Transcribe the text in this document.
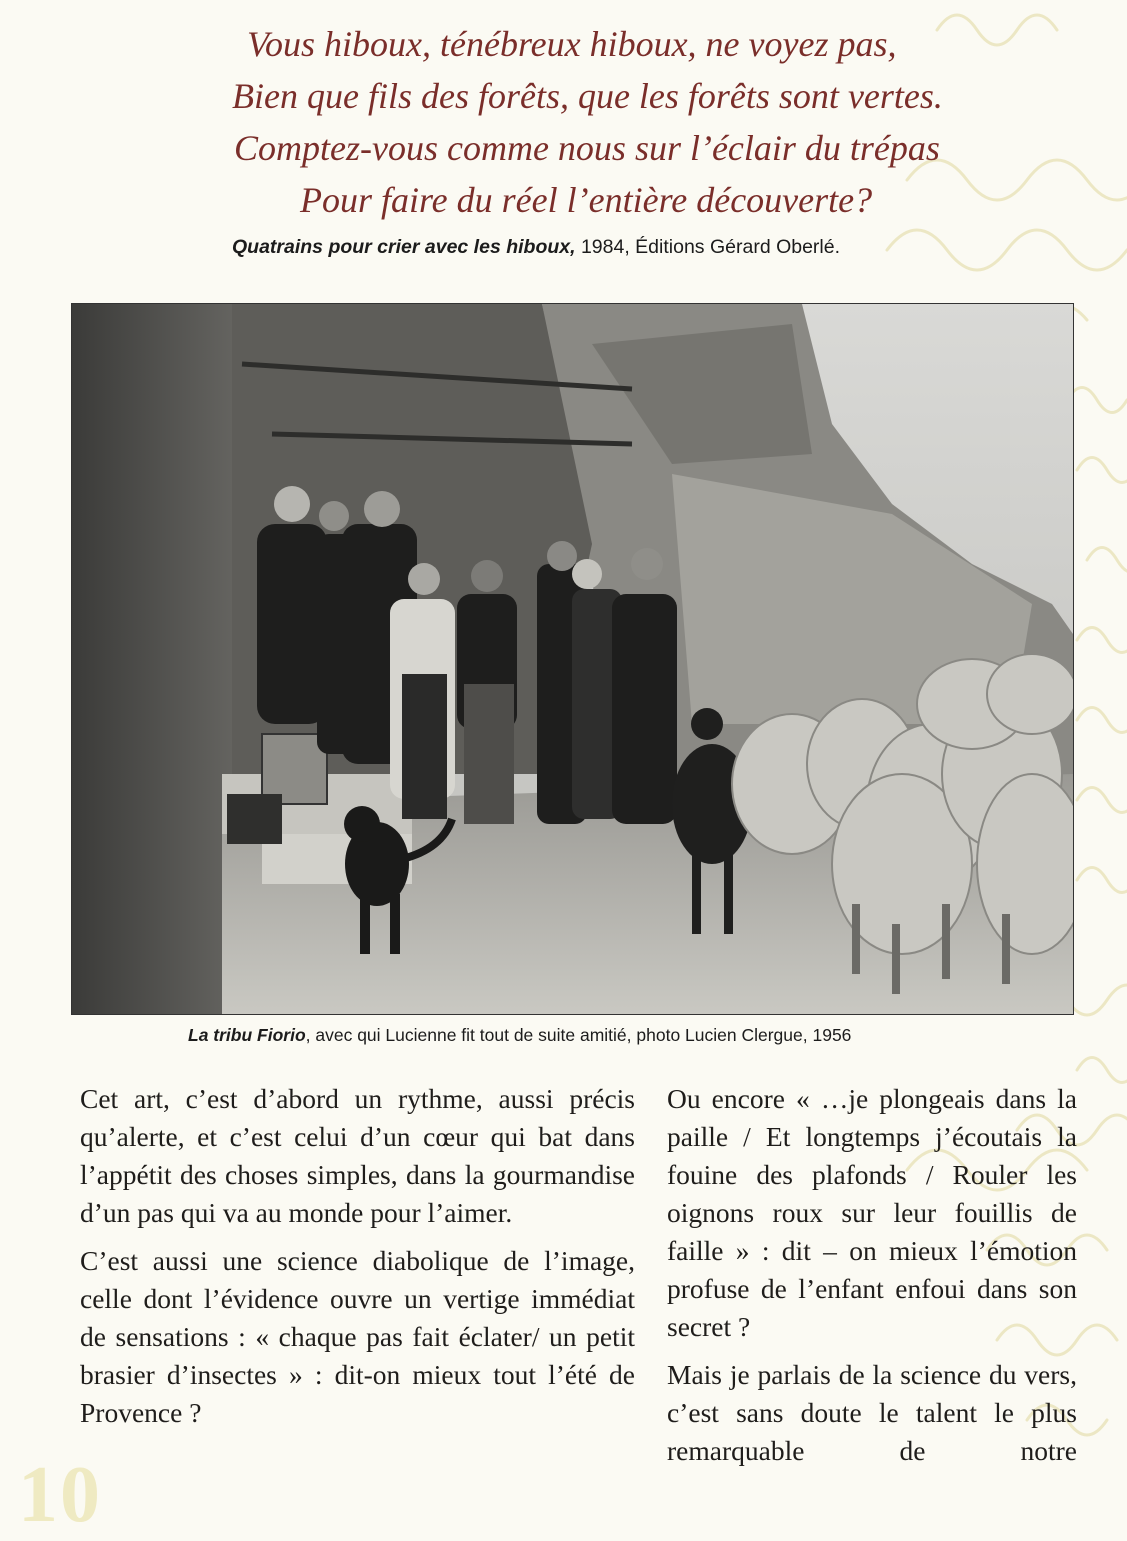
Vous hiboux, ténébreux hiboux, ne voyez pas,
Bien que fils des forêts, que les forêts sont vertes.
Comptez-vous comme nous sur l’éclair du trépas
Pour faire du réel l’entière découverte?
Quatrains pour crier avec les hiboux, 1984, Éditions Gérard Oberlé.
La tribu Fiorio, avec qui Lucienne fit tout de suite amitié, photo Lucien Clergue, 1956

Cet art, c’est d’abord un rythme, aussi précis qu’alerte, et c’est celui d’un cœur qui bat dans l’appétit des choses simples, dans la gourmandise d’un pas qui va au monde pour l’aimer.

C’est aussi une science diabolique de l’image, celle dont l’évidence ouvre un vertige immédiat de sensations : « chaque pas fait éclater/ un petit brasier d’insectes » : dit-on mieux tout l’été de Provence ?

Ou encore « …je plongeais dans la paille / Et longtemps j’écoutais la fouine des plafonds / Rouler les oignons roux sur leur fouillis de faille » : dit – on mieux l’émotion profuse de l’enfant enfoui dans son secret ?

Mais je parlais de la science du vers, c’est sans doute le talent le plus remarquable de notre

10
